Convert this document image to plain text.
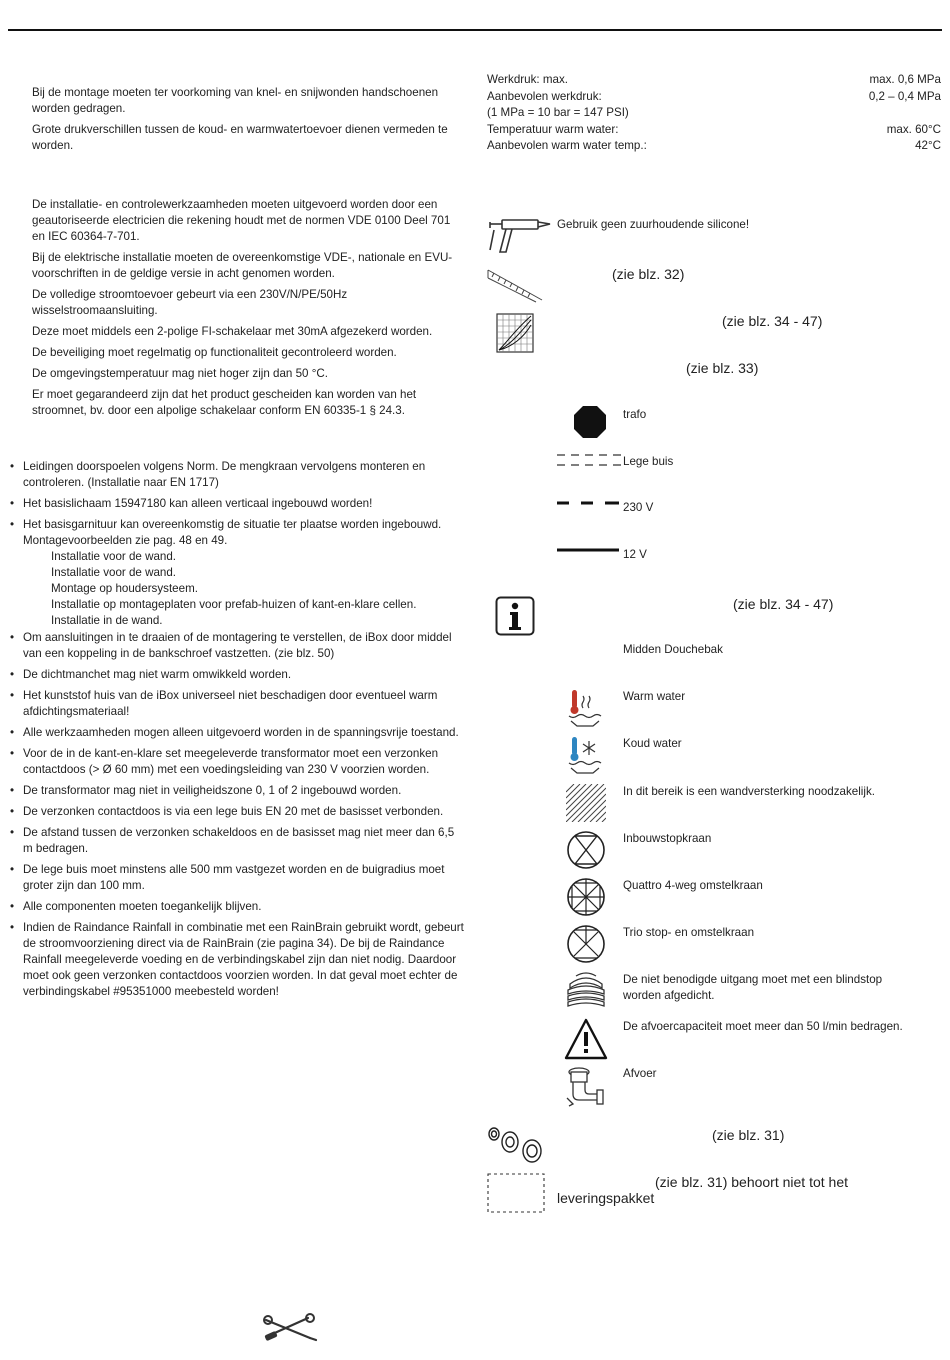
Bij de montage moeten ter voorkoming van knel- en snijwonden handschoenen worden gedragen.

Grote drukverschillen tussen de koud- en warmwatertoevoer dienen vermeden te worden.

De installatie- en controlewerkzaamheden moeten uitgevoerd worden door een geautoriseerde electricien die rekening houdt met de normen VDE 0100 Deel 701 en IEC 60364-7-701.

Bij de elektrische installatie moeten de overeenkomstige VDE-, nationale en EVU-voorschriften in de geldige versie in acht genomen worden.

De volledige stroomtoevoer gebeurt via een 230V/N/PE/50Hz wisselstroomaansluiting.

Deze moet middels een 2-polige FI-schakelaar met 30mA afgezekerd worden.

De beveiliging moet regelmatig op functionaliteit gecontroleerd worden.

De omgevingstemperatuur mag niet hoger zijn dan 50 °C.

Er moet gegarandeerd zijn dat het product gescheiden kan worden van het stroomnet, bv. door een alpolige schakelaar conform EN 60335-1 § 24.3.

• Leidingen doorspoelen volgens Norm. De mengkraan vervolgens monteren en controleren. (Installatie naar EN 1717)
• Het basislichaam 15947180 kan alleen verticaal ingebouwd worden!
• Het basisgarnituur kan overeenkomstig de situatie ter plaatse worden ingebouwd. Montagevoorbeelden zie pag. 48 en 49.
Installatie voor de wand.
Installatie voor de wand.
Montage op houdersysteem.
Installatie op montageplaten voor prefab-huizen of kant-en-klare cellen.
Installatie in de wand.
• Om aansluitingen in te draaien of de montagering te verstellen, de iBox door middel van een koppeling in de bankschroef vastzetten. (zie blz. 50)
• De dichtmanchet mag niet warm omwikkeld worden.
• Het kunststof huis van de iBox universeel niet beschadigen door eventueel warm afdichtingsmateriaal!
• Alle werkzaamheden mogen alleen uitgevoerd worden in de spanningsvrije toestand.
• Voor de in de kant-en-klare set meegeleverde transformator moet een verzonken contactdoos (> Ø 60 mm) met een voedingsleiding van 230 V voorzien worden.
• De transformator mag niet in veiligheidszone 0, 1 of 2 ingebouwd worden.
• De verzonken contactdoos is via een lege buis EN 20 met de basisset verbonden.
• De afstand tussen de verzonken schakeldoos en de basisset mag niet meer dan 6,5 m bedragen.
• De lege buis moet minstens alle 500 mm vastgezet worden en de buigradius moet groter zijn dan 100 mm.
• Alle componenten moeten toegankelijk blijven.
• Indien de Raindance Rainfall in combinatie met een RainBrain gebruikt wordt, gebeurt de stroomvoorziening direct via de RainBrain (zie pagina 34). De bij de Raindance Rainfall meegeleverde voeding en de verbindingskabel zijn dan niet nodig. Daardoor moet ook geen verzonken contactdoos voorzien worden. In dat geval moet echter de verbindingskabel #95351000 meebesteld worden!
Werkdruk: max.	max. 0,6 MPa
Aanbevolen werkdruk:	0,2 – 0,4 MPa
(1 MPa = 10 bar = 147 PSI)
Temperatuur warm water:	max. 60°C
Aanbevolen warm water temp.:	42°C
Gebruik geen zuurhoudende silicone!
(zie blz. 32)
(zie blz. 34 - 47)
(zie blz. 33)
trafo
Lege buis
230 V
12 V
(zie blz. 34 - 47)
Midden Douchebak
Warm water
Koud water
In dit bereik is een wandversterking noodzakelijk.
Inbouwstopkraan
Quattro 4-weg omstelkraan
Trio stop- en omstelkraan
De niet benodigde uitgang moet met een blindstop worden afgedicht.
De afvoercapaciteit moet meer dan 50 l/min bedragen.
Afvoer
(zie blz. 31)
(zie blz. 31) behoort niet tot het
leveringspakket
